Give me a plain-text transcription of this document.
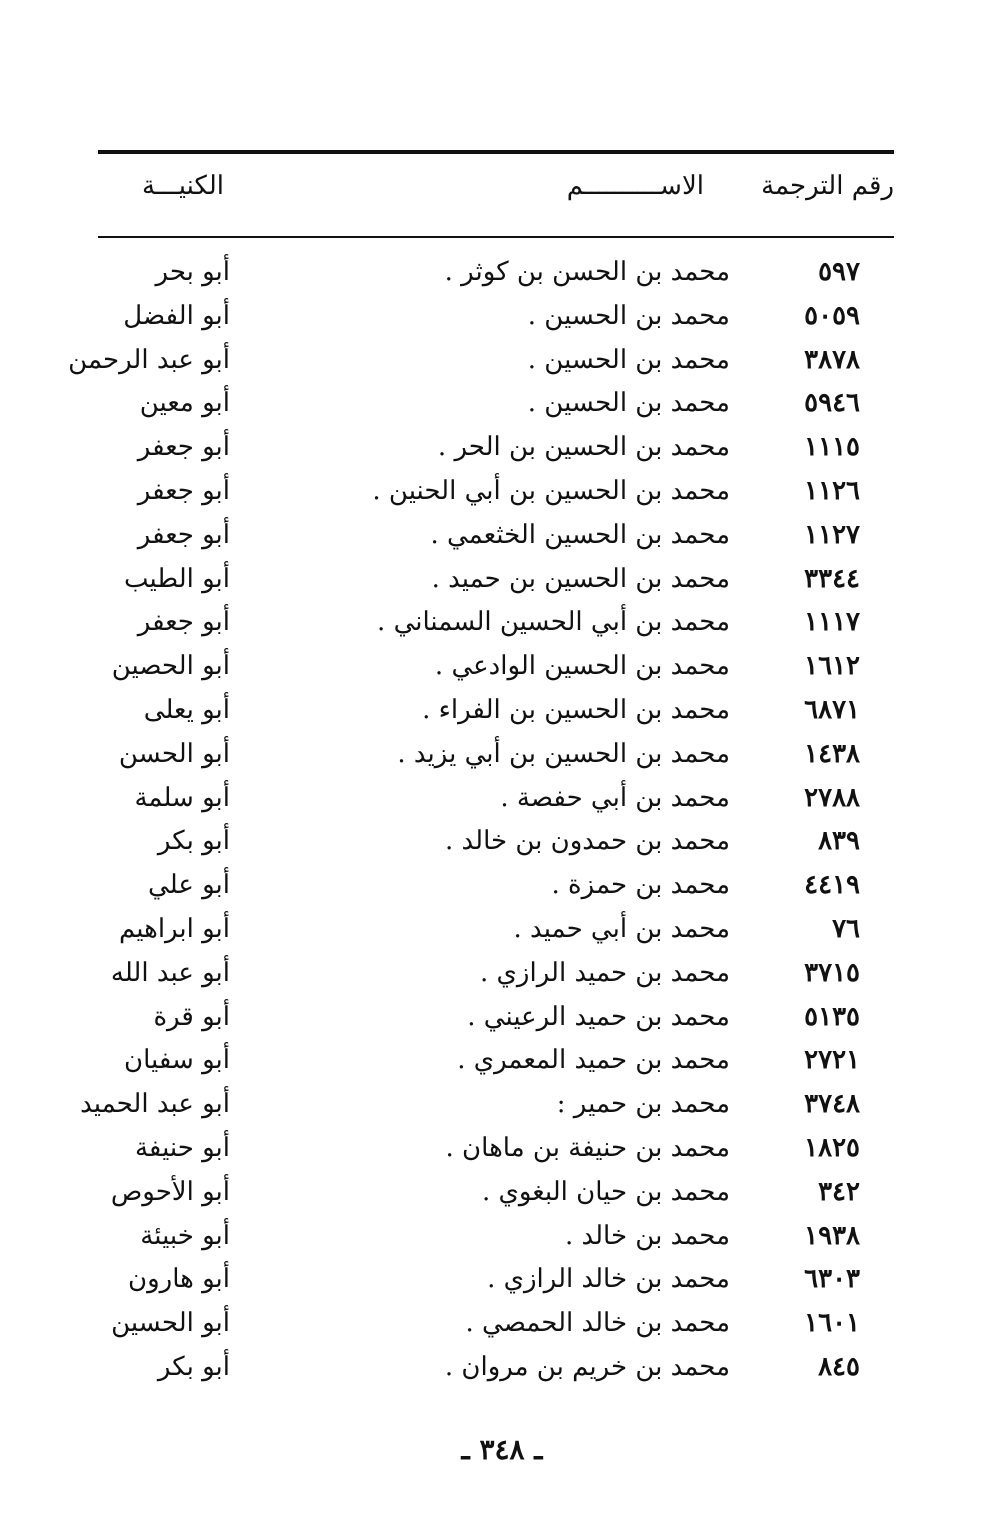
رقم الترجمة
الاســــــــــم
الكنيـــة
٥٩٧
محمد بن الحسن بن كوثر .
أبو بحر
٥٠٥٩
محمد بن الحسين .
أبو الفضل
٣٨٧٨
محمد بن الحسين .
أبو عبد الرحمن
٥٩٤٦
محمد بن الحسين .
أبو معين
١١١٥
محمد بن الحسين بن الحر .
أبو جعفر
١١٢٦
محمد بن الحسين بن أبي الحنين .
أبو جعفر
١١٢٧
محمد بن الحسين الخثعمي .
أبو جعفر
٣٣٤٤
محمد بن الحسين بن حميد .
أبو الطيب
١١١٧
محمد بن أبي الحسين السمناني .
أبو جعفر
١٦١٢
محمد بن الحسين الوادعي .
أبو الحصين
٦٨٧١
محمد بن الحسين بن الفراء .
أبو يعلى
١٤٣٨
محمد بن الحسين بن أبي يزيد .
أبو الحسن
٢٧٨٨
محمد بن أبي حفصة .
أبو سلمة
٨٣٩
محمد بن حمدون بن خالد .
أبو بكر
٤٤١٩
محمد بن حمزة .
أبو علي
٧٦
محمد بن أبي حميد .
أبو ابراهيم
٣٧١٥
محمد بن حميد الرازي .
أبو عبد الله
٥١٣٥
محمد بن حميد الرعيني .
أبو قرة
٢٧٢١
محمد بن حميد المعمري .
أبو سفيان
٣٧٤٨
محمد بن حمير :
أبو عبد الحميد
١٨٢٥
محمد بن حنيفة بن ماهان .
أبو حنيفة
٣٤٢
محمد بن حيان البغوي .
أبو الأحوص
١٩٣٨
محمد بن خالد .
أبو خبيئة
٦٣٠٣
محمد بن خالد الرازي .
أبو هارون
١٦٠١
محمد بن خالد الحمصي .
أبو الحسين
٨٤٥
محمد بن خريم بن مروان .
أبو بكر
ـ ٣٤٨ ـ
